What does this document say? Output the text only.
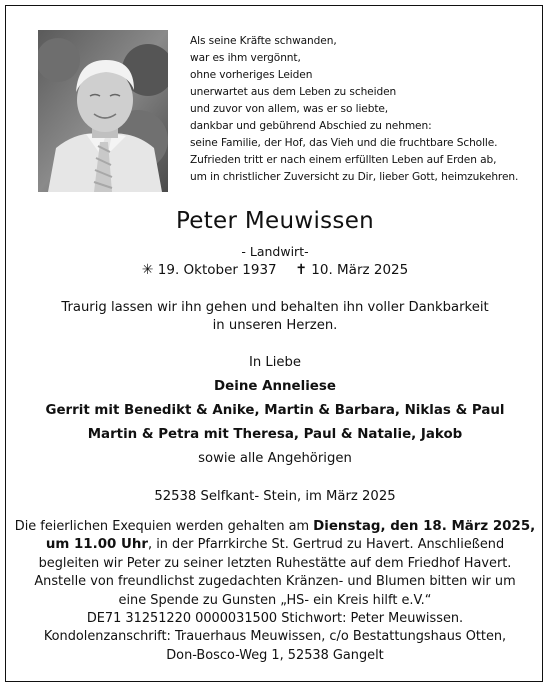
Als seine Kräfte schwanden,
war es ihm vergönnt,
ohne vorheriges Leiden
unerwartet aus dem Leben zu scheiden
und zuvor von allem, was er so liebte,
dankbar und gebührend Abschied zu nehmen:
seine Familie, der Hof, das Vieh und die fruchtbare Scholle.
Zufrieden tritt er nach einem erfüllten Leben auf Erden ab,
um in christlicher Zuversicht zu Dir, lieber Gott, heimzukehren.
Peter Meuwissen
- Landwirt-
✳ 19. Oktober 1937 ✝ 10. März 2025
Traurig lassen wir ihn gehen und behalten ihn voller Dankbarkeit
in unseren Herzen.
In Liebe
Deine Anneliese
Gerrit mit Benedikt & Anike, Martin & Barbara, Niklas & Paul
Martin & Petra mit Theresa, Paul & Natalie, Jakob
sowie alle Angehörigen
52538 Selfkant- Stein, im März 2025
Die feierlichen Exequien werden gehalten am Dienstag, den 18. März 2025,
um 11.00 Uhr, in der Pfarrkirche St. Gertrud zu Havert. Anschließend
begleiten wir Peter zu seiner letzten Ruhestätte auf dem Friedhof Havert.
Anstelle von freundlichst zugedachten Kränzen- und Blumen bitten wir um
eine Spende zu Gunsten „HS- ein Kreis hilft e.V.“
DE71 31251220 0000031500 Stichwort: Peter Meuwissen.
Kondolenzanschrift: Trauerhaus Meuwissen, c/o Bestattungshaus Otten,
Don-Bosco-Weg 1, 52538 Gangelt
